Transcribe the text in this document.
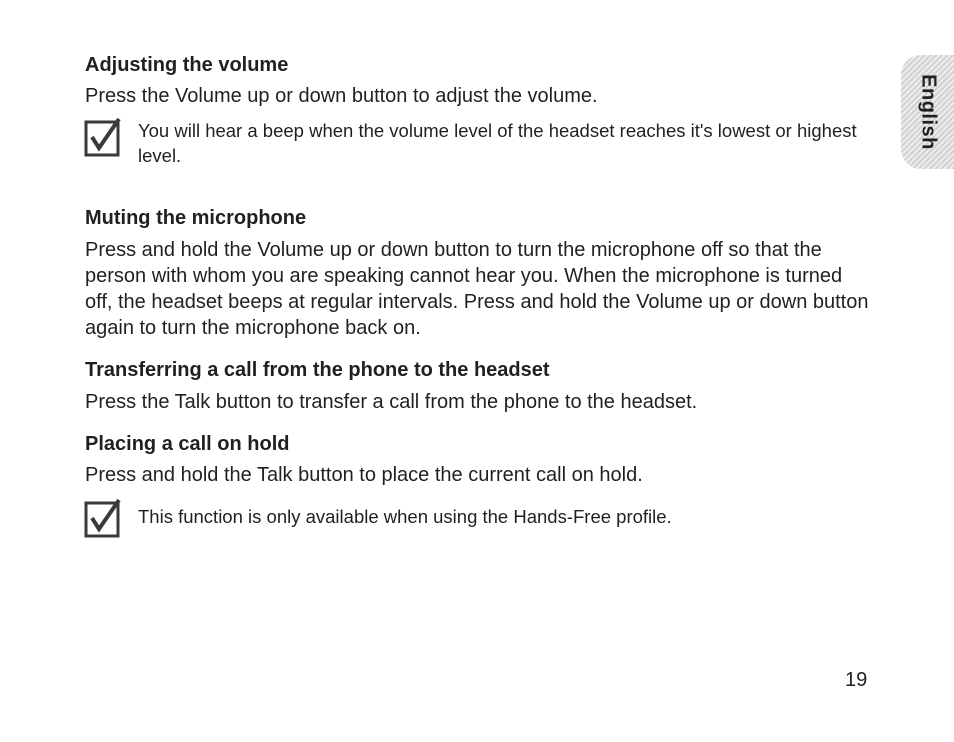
English
Adjusting the volume
Press the Volume up or down button to adjust the volume.
You will hear a beep when the volume level of the headset reaches it's lowest or highest level.
Muting the microphone
Press and hold the Volume up or down button to turn the microphone off so that the person with whom you are speaking cannot hear you. When the microphone is turned off, the headset beeps at regular intervals. Press and hold the Volume up or down button again to turn the microphone back on.
Transferring a call from the phone to the headset
Press the Talk button to transfer a call from the phone to the headset.
Placing a call on hold
Press and hold the Talk button to place the current call on hold.
This function is only available when using the Hands-Free profile.
19
